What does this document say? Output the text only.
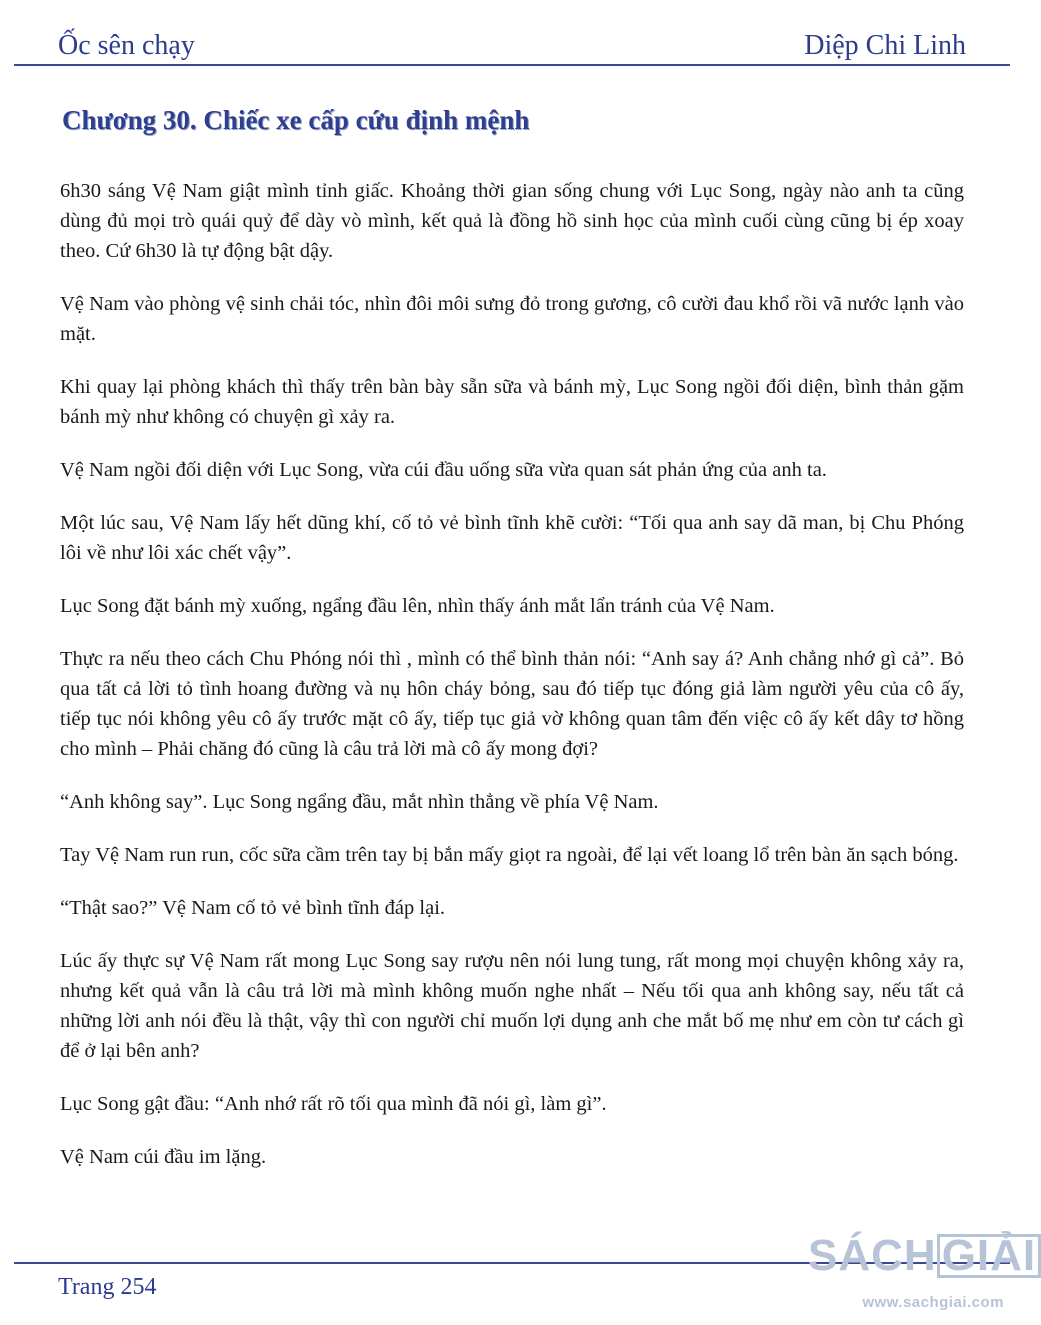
Ốc sên chạy	Diệp Chi Linh
Chương 30. Chiếc xe cấp cứu định mệnh

6h30 sáng Vệ Nam giật mình tỉnh giấc. Khoảng thời gian sống chung với Lục Song, ngày nào anh ta cũng dùng đủ mọi trò quái quỷ để dày vò mình, kết quả là đồng hồ sinh học của mình cuối cùng cũng bị ép xoay theo. Cứ 6h30 là tự động bật dậy.

Vệ Nam vào phòng vệ sinh chải tóc, nhìn đôi môi sưng đỏ trong gương, cô cười đau khổ rồi vã nước lạnh vào mặt.

Khi quay lại phòng khách thì thấy trên bàn bày sẵn sữa và bánh mỳ, Lục Song ngồi đối diện, bình thản gặm bánh mỳ như không có chuyện gì xảy ra.

Vệ Nam ngồi đối diện với Lục Song, vừa cúi đầu uống sữa vừa quan sát phản ứng của anh ta.

Một lúc sau, Vệ Nam lấy hết dũng khí, cố tỏ vẻ bình tĩnh khẽ cười: “Tối qua anh say dã man, bị Chu Phóng lôi về như lôi xác chết vậy”.

Lục Song đặt bánh mỳ xuống, ngẩng đầu lên, nhìn thấy ánh mắt lẩn tránh của Vệ Nam.

Thực ra nếu theo cách Chu Phóng nói thì , mình có thể bình thản nói: “Anh say á? Anh chẳng nhớ gì cả”. Bỏ qua tất cả lời tỏ tình hoang đường và nụ hôn cháy bỏng, sau đó tiếp tục đóng giả làm người yêu của cô ấy, tiếp tục nói không yêu cô ấy trước mặt cô ấy, tiếp tục giả vờ không quan tâm đến việc cô ấy kết dây tơ hồng cho mình – Phải chăng đó cũng là câu trả lời mà cô ấy mong đợi?

“Anh không say”. Lục Song ngẩng đầu, mắt nhìn thẳng về phía Vệ Nam.

Tay Vệ Nam run run, cốc sữa cầm trên tay bị bắn mấy giọt ra ngoài, để lại vết loang lổ trên bàn ăn sạch bóng.

“Thật sao?” Vệ Nam cố tỏ vẻ bình tĩnh đáp lại.

Lúc ấy thực sự Vệ Nam rất mong Lục Song say rượu nên nói lung tung, rất mong mọi chuyện không xảy ra, nhưng kết quả vẫn là câu trả lời mà mình không muốn nghe nhất – Nếu tối qua anh không say, nếu tất cả những lời anh nói đều là thật, vậy thì con người chỉ muốn lợi dụng anh che mắt bố mẹ như em còn tư cách gì để ở lại bên anh?

Lục Song gật đầu: “Anh nhớ rất rõ tối qua mình đã nói gì, làm gì”.

Vệ Nam cúi đầu im lặng.

Trang 254
SÁCH GIẢI
www.sachgiai.com
